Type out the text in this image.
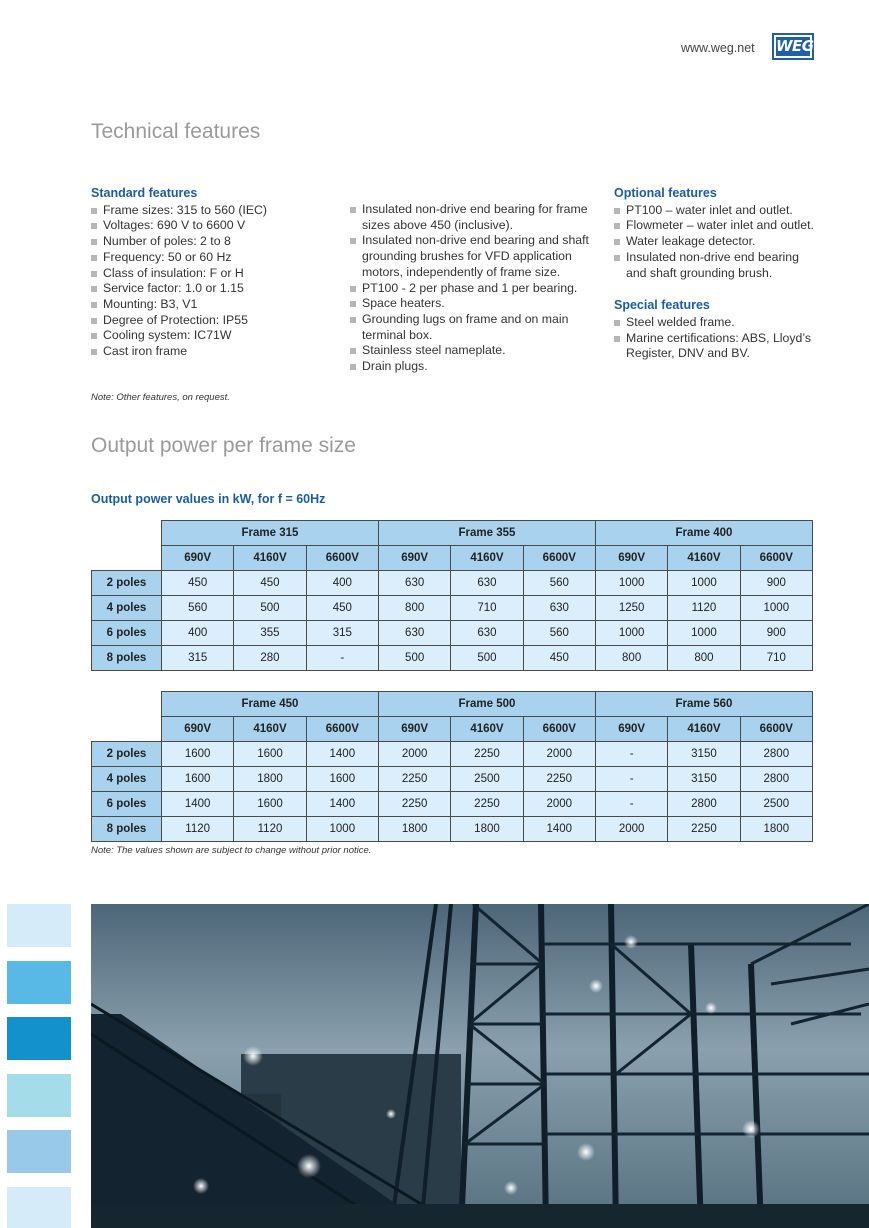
www.weg.net WEG
Technical features
Standard features
Frame sizes: 315 to 560 (IEC)
Voltages: 690 V to 6600 V
Number of poles: 2 to 8
Frequency: 50 or 60 Hz
Class of insulation: F or H
Service factor: 1.0 or 1.15
Mounting: B3, V1
Degree of Protection: IP55
Cooling system: IC71W
Cast iron frame
Insulated non-drive end bearing for frame sizes above 450 (inclusive).
Insulated non-drive end bearing and shaft grounding brushes for VFD application motors, independently of frame size.
PT100 - 2 per phase and 1 per bearing.
Space heaters.
Grounding lugs on frame and on main terminal box.
Stainless steel nameplate.
Drain plugs.
Optional features
PT100 – water inlet and outlet.
Flowmeter – water inlet and outlet.
Water leakage detector.
Insulated non-drive end bearing and shaft grounding brush.
Special features
Steel welded frame.
Marine certifications: ABS, Lloyd’s Register, DNV and BV.
Note: Other features, on request.
Output power per frame size
Output power values in kW, for f = 60Hz
	Frame 315			Frame 355			Frame 400		
	690V	4160V	6600V	690V	4160V	6600V	690V	4160V	6600V
2 poles	450	450	400	630	630	560	1000	1000	900
4 poles	560	500	450	800	710	630	1250	1120	1000
6 poles	400	355	315	630	630	560	1000	1000	900
8 poles	315	280	-	500	500	450	800	800	710
	Frame 450			Frame 500			Frame 560		
	690V	4160V	6600V	690V	4160V	6600V	690V	4160V	6600V
2 poles	1600	1600	1400	2000	2250	2000	-	3150	2800
4 poles	1600	1800	1600	2250	2500	2250	-	3150	2800
6 poles	1400	1600	1400	2250	2250	2000	-	2800	2500
8 poles	1120	1120	1000	1800	1800	1400	2000	2250	1800
Note: The values shown are subject to change without prior notice.
